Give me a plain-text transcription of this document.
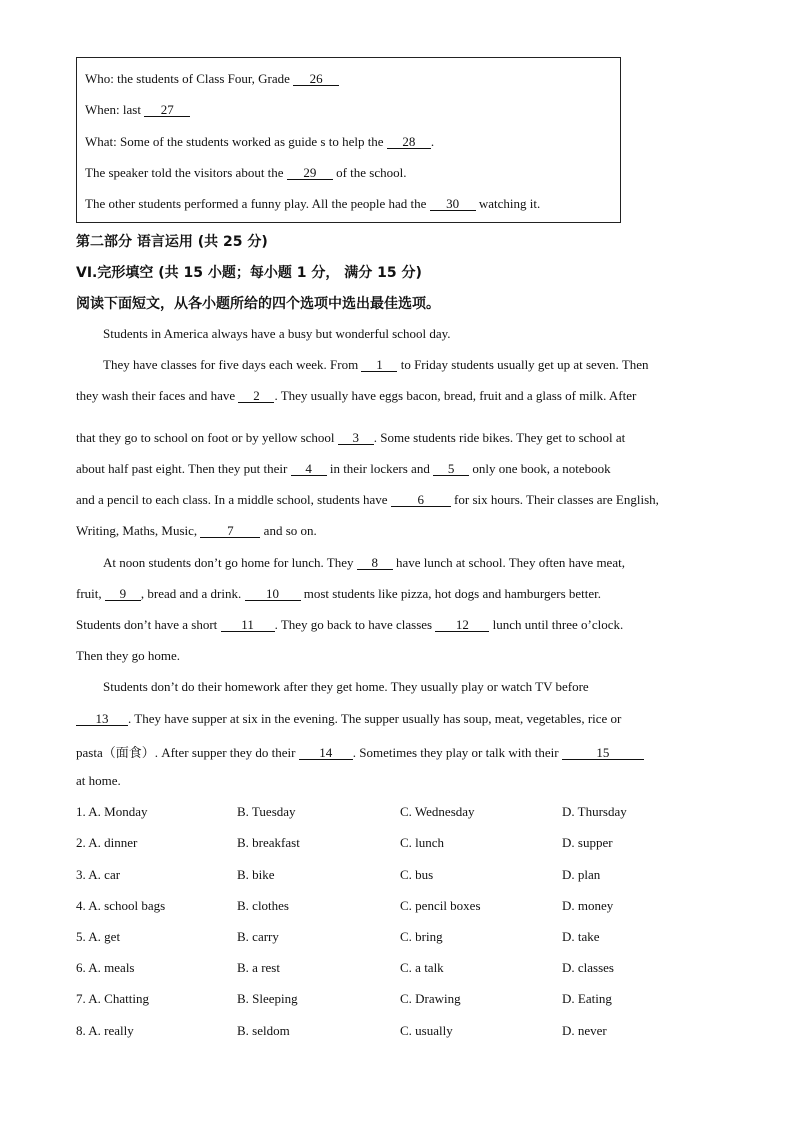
Who: the students of Class Four, Grade 26
When: last 27
What: Some of the students worked as guide s to help the 28 .
The speaker told the visitors about the 29 of the school.
The other students performed a funny play. All the people had the 30 watching it.
第二部分 语言运用 (共 25 分)
VI.完形填空 (共 15 小题；每小题 1 分， 满分 15 分)
阅读下面短文，从各小题所给的四个选项中选出最佳选项。
Students in America always have a busy but wonderful school day.
They have classes for five days each week. From 1 to Friday students usually get up at seven. Then
they wash their faces and have 2 . They usually have eggs bacon, bread, fruit and a glass of milk. After
that they go to school on foot or by yellow school 3 . Some students ride bikes. They get to school at
about half past eight. Then they put their 4 in their lockers and 5 only one book, a notebook
and a pencil to each class. In a middle school, students have 6 for six hours. Their classes are English,
Writing, Maths, Music, 7 and so on.
At noon students don’t go home for lunch. They 8 have lunch at school. They often have meat,
fruit, 9 , bread and a drink. 10 most students like pizza, hot dogs and hamburgers better.
Students don’t have a short 11 . They go back to have classes 12 lunch until three o’clock.
Then they go home.
Students don’t do their homework after they get home. They usually play or watch TV before
13 . They have supper at six in the evening. The supper usually has soup, meat, vegetables, rice or
pasta（面食）. After supper they do their 14 . Sometimes they play or talk with their	15
at home.
1. A. Monday	B. Tuesday	C. Wednesday	D. Thursday
2. A. dinner	B. breakfast	C. lunch	D. supper
3. A. car	B. bike	C. bus	D. plan
4. A. school bags	B. clothes	C. pencil boxes	D. money
5. A. get	B. carry	C. bring	D. take
6. A. meals	B. a rest	C. a talk	D. classes
7. A. Chatting	B. Sleeping	C. Drawing	D. Eating
8. A. really	B. seldom	C. usually	D. never
